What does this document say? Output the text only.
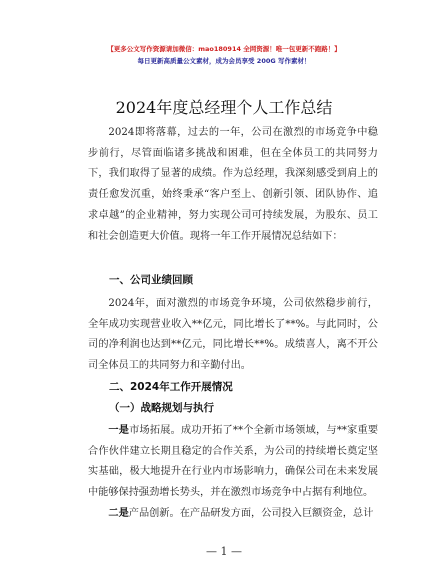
【更多公文写作资源请加微信：mao180914 全网资源！唯一包更新不跑路！】
每日更新高质量公文素材，成为会员享受 200G 写作素材！
2024年度总经理个人工作总结
2024即将落幕，过去的一年，公司在激烈的市场竞争中稳步前行，尽管面临诸多挑战和困难，但在全体员工的共同努力下，我们取得了显著的成绩。作为总经理，我深刻感受到肩上的责任愈发沉重，始终秉承“客户至上、创新引领、团队协作、追求卓越”的企业精神，努力实现公司可持续发展，为股东、员工和社会创造更大价值。现将一年工作开展情况总结如下：
一、公司业绩回顾
2024年，面对激烈的市场竞争环境，公司依然稳步前行，全年成功实现营业收入**亿元，同比增长了**%。与此同时，公司的净利润也达到**亿元，同比增长**%。成绩喜人，离不开公司全体员工的共同努力和辛勤付出。
二、2024年工作开展情况
（一）战略规划与执行
一是市场拓展。成功开拓了**个全新市场领域，与**家重要合作伙伴建立长期且稳定的合作关系，为公司的持续增长奠定坚实基础，极大地提升在行业内市场影响力，确保公司在未来发展中能够保持强劲增长势头，并在激烈市场竞争中占据有利地位。
二是产品创新。在产品研发方面，公司投入巨额资金，总计
— 1 —
